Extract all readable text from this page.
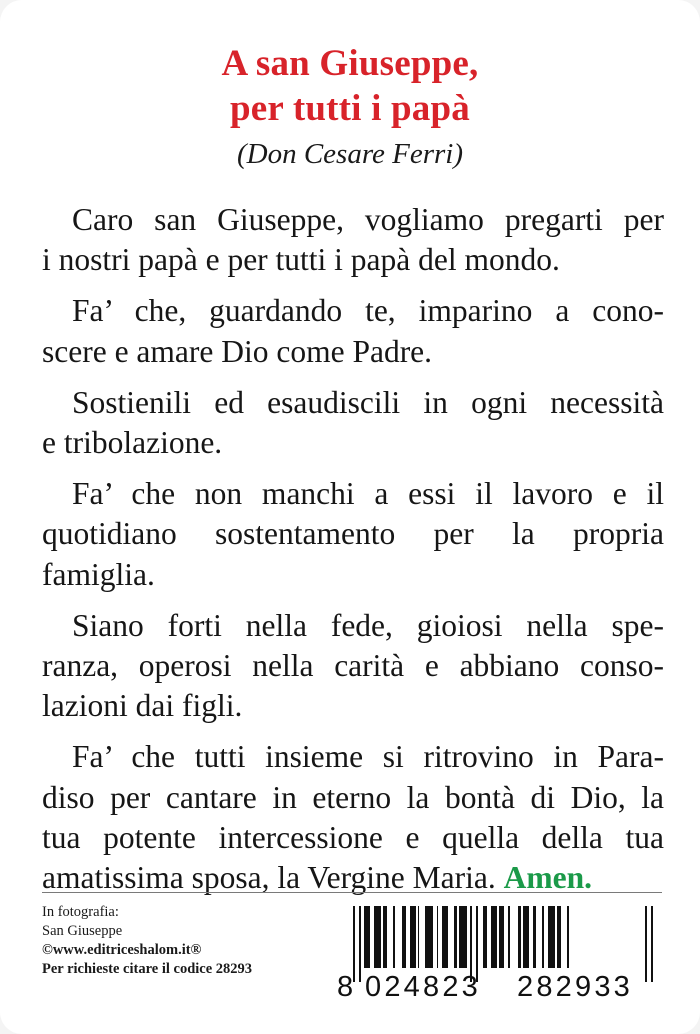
A san Giuseppe,
per tutti i papà
(Don Cesare Ferri)
Caro san Giuseppe, vogliamo pregarti per
i nostri papà e per tutti i papà del mondo.
Fa’ che, guardando te, imparino a cono-
scere e amare Dio come Padre.
Sostienili ed esaudiscili in ogni necessità
e tribolazione.
Fa’ che non manchi a essi il lavoro e il
quotidiano sostentamento per la propria
famiglia.
Siano forti nella fede, gioiosi nella spe-
ranza, operosi nella carità e abbiano conso-
lazioni dai figli.
Fa’ che tutti insieme si ritrovino in Para-
diso per cantare in eterno la bontà di Dio, la
tua potente intercessione e quella della tua
amatissima sposa, la Vergine Maria. Amen.
In fotografia:
San Giuseppe
©www.editriceshalom.it®
Per richieste citare il codice 28293
8 024823 282933
